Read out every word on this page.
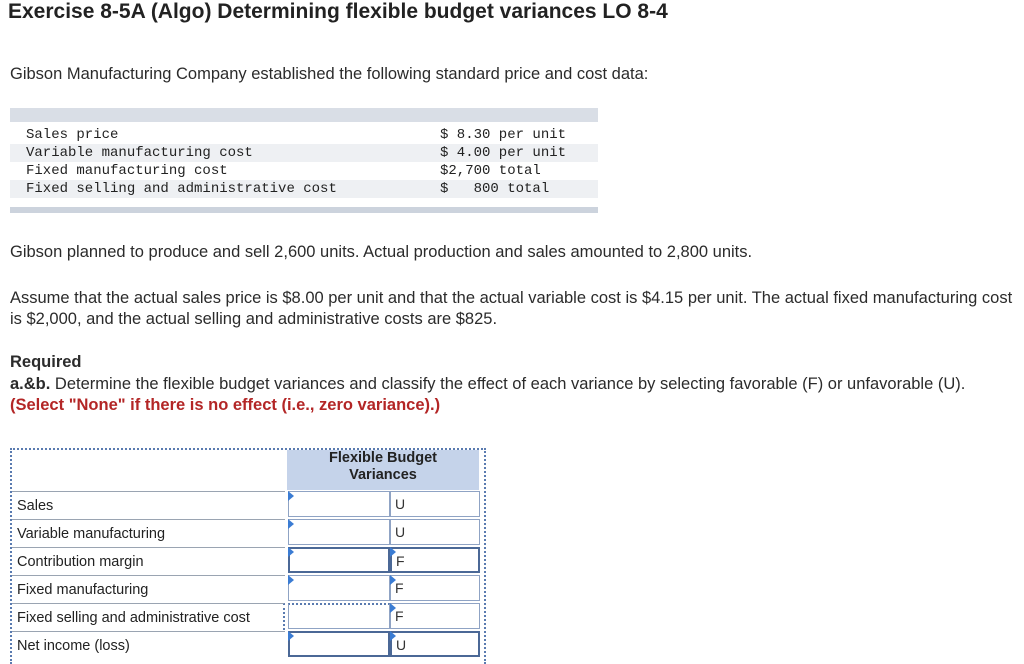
Exercise 8-5A (Algo) Determining flexible budget variances LO 8-4
Gibson Manufacturing Company established the following standard price and cost data:
Sales price	$ 8.30 per unit
Variable manufacturing cost	$ 4.00 per unit
Fixed manufacturing cost	$2,700 total
Fixed selling and administrative cost	$   800 total
Gibson planned to produce and sell 2,600 units. Actual production and sales amounted to 2,800 units.
Assume that the actual sales price is $8.00 per unit and that the actual variable cost is $4.15 per unit. The actual fixed manufacturing cost is $2,000, and the actual selling and administrative costs are $825.
Required
a.&b. Determine the flexible budget variances and classify the effect of each variance by selecting favorable (F) or unfavorable (U). (Select "None" if there is no effect (i.e., zero variance).)
Flexible Budget
Variances
Sales	U
Variable manufacturing	U
Contribution margin	F
Fixed manufacturing	F
Fixed selling and administrative cost	F
Net income (loss)	U
